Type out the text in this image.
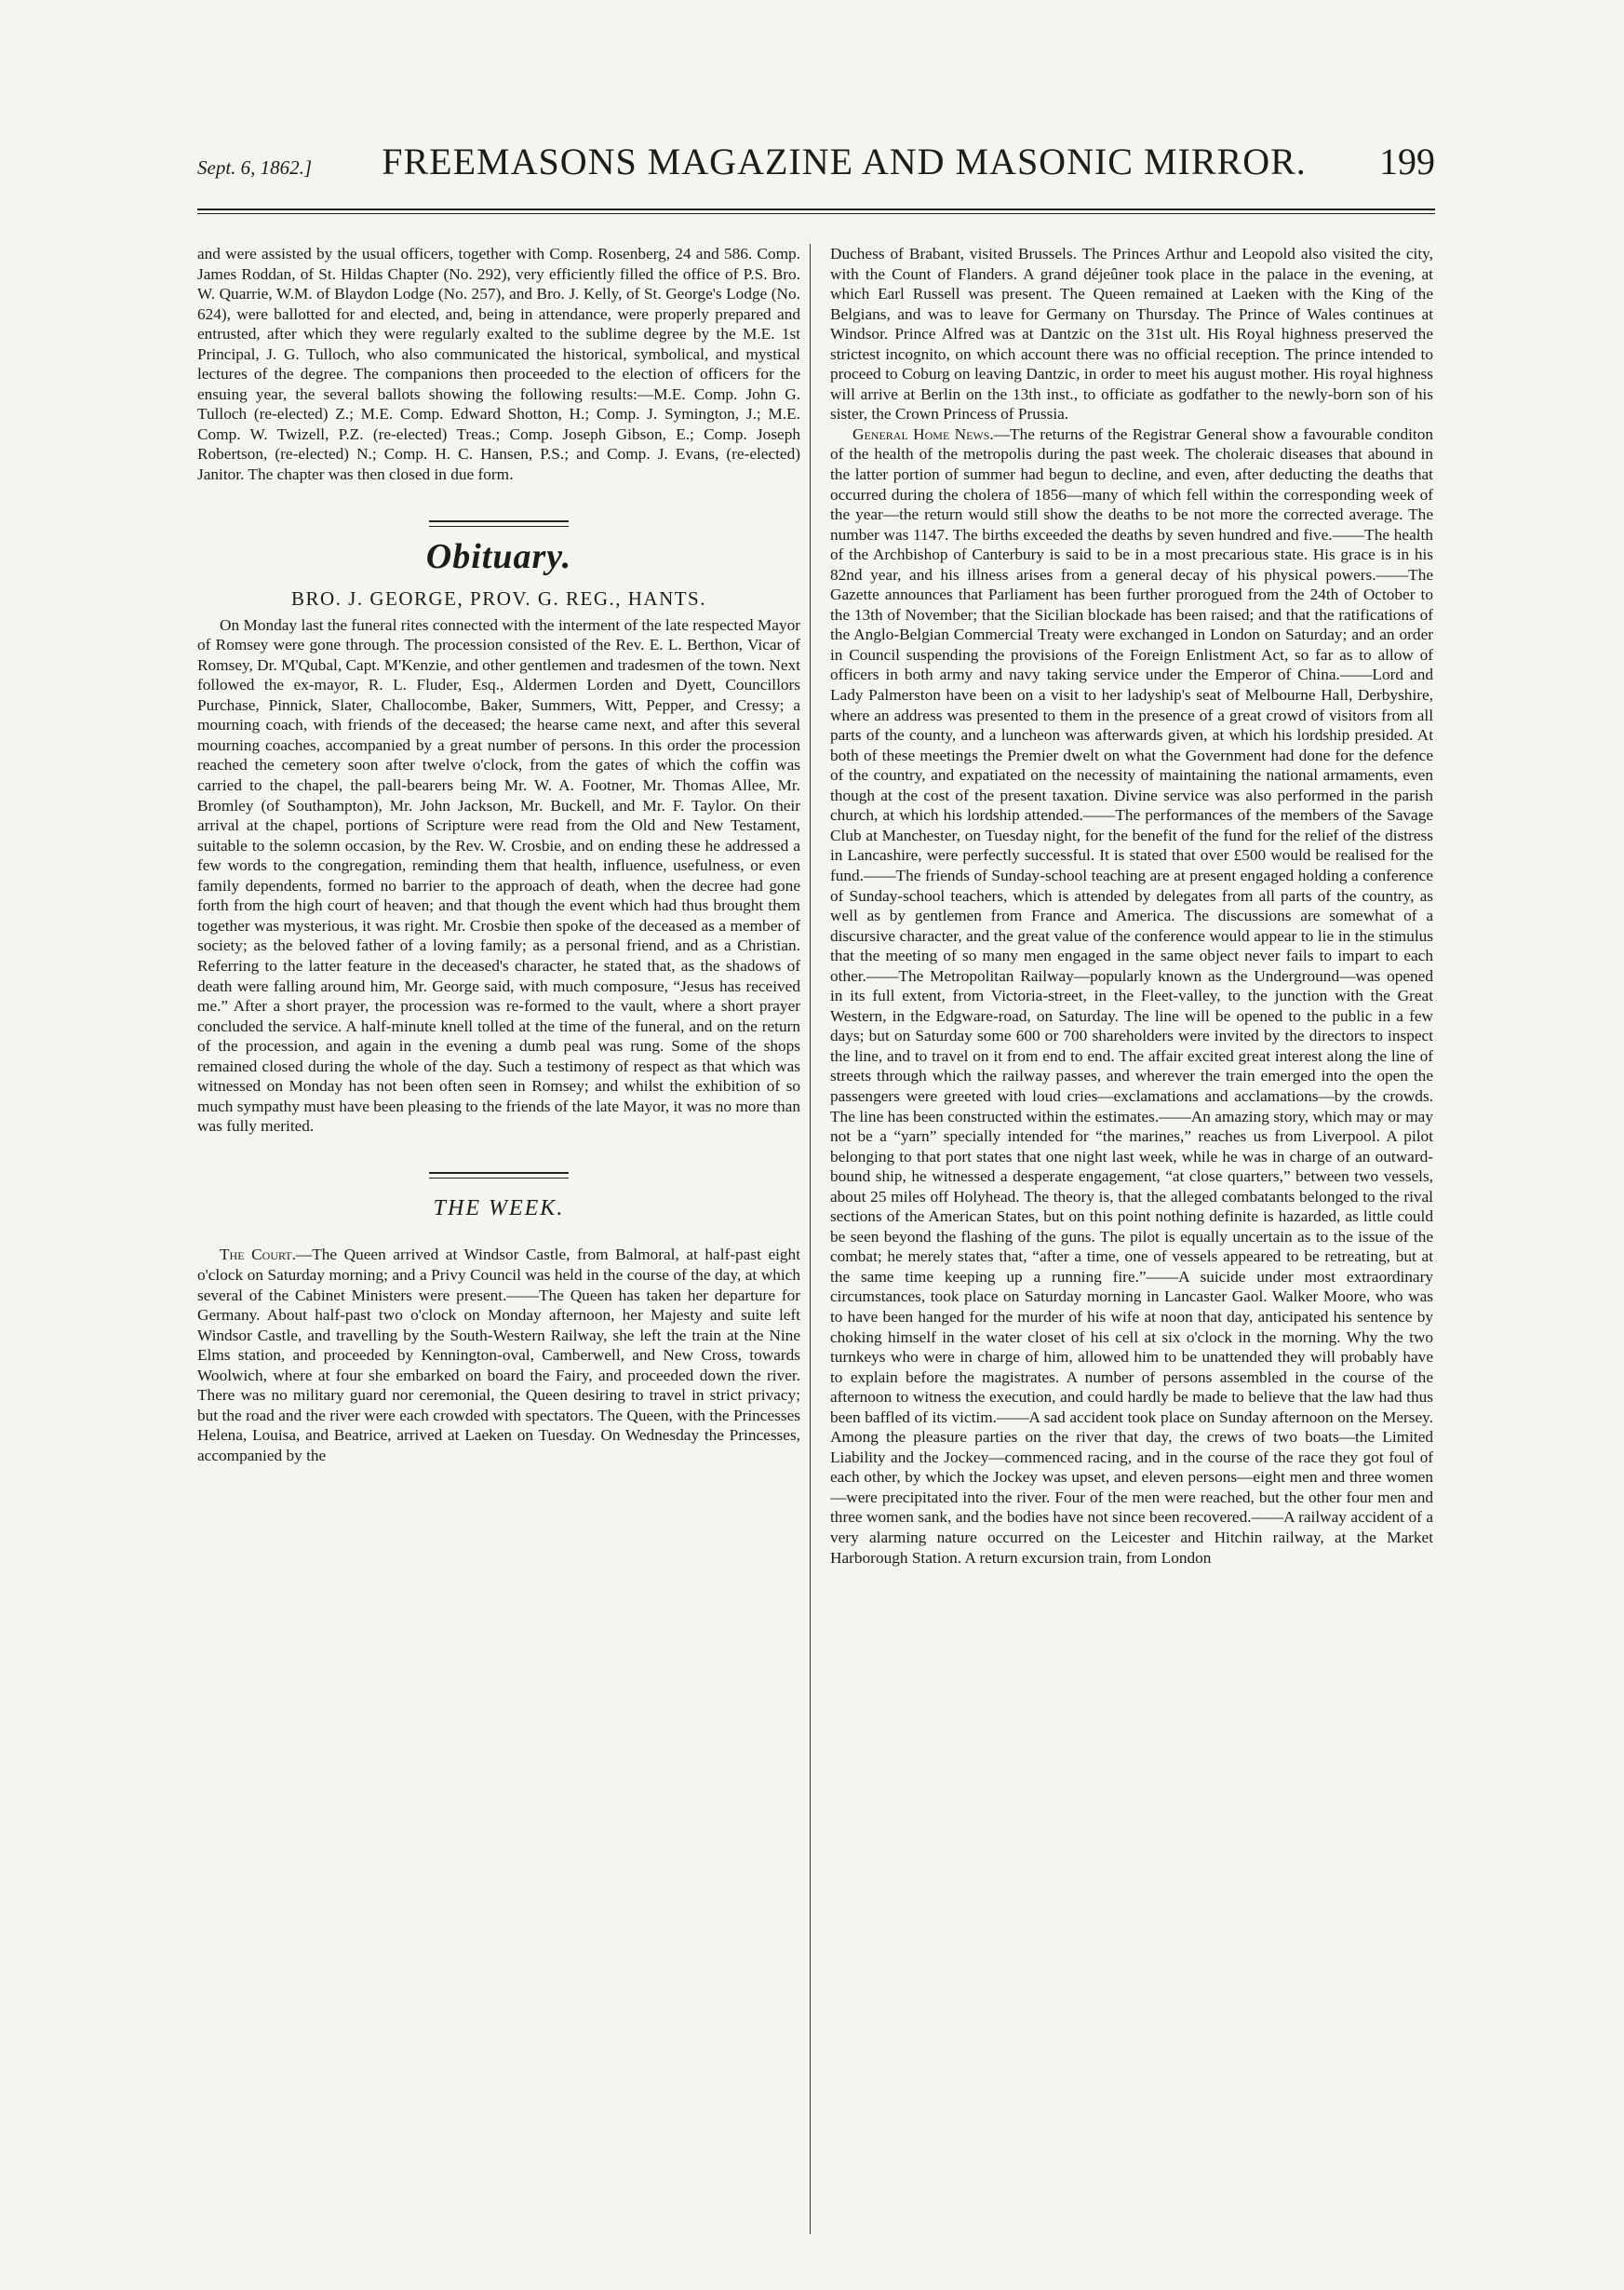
Sept. 6, 1862.]	FREEMASONS MAGAZINE AND MASONIC MIRROR.	199

and were assisted by the usual officers, together with Comp. Rosenberg, 24 and 586. Comp. James Roddan, of St. Hildas Chapter (No. 292), very efficiently filled the office of P.S. Bro. W. Quarrie, W.M. of Blaydon Lodge (No. 257), and Bro. J. Kelly, of St. George's Lodge (No. 624), were ballotted for and elected, and, being in attendance, were properly prepared and entrusted, after which they were regularly exalted to the sublime degree by the M.E. 1st Principal, J. G. Tulloch, who also communicated the historical, symbolical, and mystical lectures of the degree. The companions then proceeded to the election of officers for the ensuing year, the several ballots showing the following results:—M.E. Comp. John G. Tulloch (re-elected) Z.; M.E. Comp. Edward Shotton, H.; Comp. J. Symington, J.; M.E. Comp. W. Twizell, P.Z. (re-elected) Treas.; Comp. Joseph Gibson, E.; Comp. Joseph Robertson, (re-elected) N.; Comp. H. C. Hansen, P.S.; and Comp. J. Evans, (re-elected) Janitor. The chapter was then closed in due form.

Obituary.
BRO. J. GEORGE, PROV. G. REG., HANTS.

On Monday last the funeral rites connected with the interment of the late respected Mayor of Romsey were gone through. The procession consisted of the Rev. E. L. Berthon, Vicar of Romsey, Dr. M'Qubal, Capt. M'Kenzie, and other gentlemen and tradesmen of the town. Next followed the ex-mayor, R. L. Fluder, Esq., Aldermen Lorden and Dyett, Councillors Purchase, Pinnick, Slater, Challocombe, Baker, Summers, Witt, Pepper, and Cressy; a mourning coach, with friends of the deceased; the hearse came next, and after this several mourning coaches, accompanied by a great number of persons. In this order the procession reached the cemetery soon after twelve o'clock, from the gates of which the coffin was carried to the chapel, the pall-bearers being Mr. W. A. Footner, Mr. Thomas Allee, Mr. Bromley (of Southampton), Mr. John Jackson, Mr. Buckell, and Mr. F. Taylor. On their arrival at the chapel, portions of Scripture were read from the Old and New Testament, suitable to the solemn occasion, by the Rev. W. Crosbie, and on ending these he addressed a few words to the congregation, reminding them that health, influence, usefulness, or even family dependents, formed no barrier to the approach of death, when the decree had gone forth from the high court of heaven; and that though the event which had thus brought them together was mysterious, it was right. Mr. Crosbie then spoke of the deceased as a member of society; as the beloved father of a loving family; as a personal friend, and as a Christian. Referring to the latter feature in the deceased's character, he stated that, as the shadows of death were falling around him, Mr. George said, with much composure, “Jesus has received me.” After a short prayer, the procession was re-formed to the vault, where a short prayer concluded the service. A half-minute knell tolled at the time of the funeral, and on the return of the procession, and again in the evening a dumb peal was rung. Some of the shops remained closed during the whole of the day. Such a testimony of respect as that which was witnessed on Monday has not been often seen in Romsey; and whilst the exhibition of so much sympathy must have been pleasing to the friends of the late Mayor, it was no more than was fully merited.

THE WEEK.

The Court.—The Queen arrived at Windsor Castle, from Balmoral, at half-past eight o'clock on Saturday morning; and a Privy Council was held in the course of the day, at which several of the Cabinet Ministers were present.——The Queen has taken her departure for Germany. About half-past two o'clock on Monday afternoon, her Majesty and suite left Windsor Castle, and travelling by the South-Western Railway, she left the train at the Nine Elms station, and proceeded by Kennington-oval, Camberwell, and New Cross, towards Woolwich, where at four she embarked on board the Fairy, and proceeded down the river. There was no military guard nor ceremonial, the Queen desiring to travel in strict privacy; but the road and the river were each crowded with spectators. The Queen, with the Princesses Helena, Louisa, and Beatrice, arrived at Laeken on Tuesday. On Wednesday the Princesses, accompanied by the

Duchess of Brabant, visited Brussels. The Princes Arthur and Leopold also visited the city, with the Count of Flanders. A grand déjeûner took place in the palace in the evening, at which Earl Russell was present. The Queen remained at Laeken with the King of the Belgians, and was to leave for Germany on Thursday. The Prince of Wales continues at Windsor. Prince Alfred was at Dantzic on the 31st ult. His Royal highness preserved the strictest incognito, on which account there was no official reception. The prince intended to proceed to Coburg on leaving Dantzic, in order to meet his august mother. His royal highness will arrive at Berlin on the 13th inst., to officiate as godfather to the newly-born son of his sister, the Crown Princess of Prussia.

General Home News.—The returns of the Registrar General show a favourable conditon of the health of the metropolis during the past week. The choleraic diseases that abound in the latter portion of summer had begun to decline, and even, after deducting the deaths that occurred during the cholera of 1856—many of which fell within the corresponding week of the year—the return would still show the deaths to be not more the corrected average. The number was 1147. The births exceeded the deaths by seven hundred and five.——The health of the Archbishop of Canterbury is said to be in a most precarious state. His grace is in his 82nd year, and his illness arises from a general decay of his physical powers.——The Gazette announces that Parliament has been further prorogued from the 24th of October to the 13th of November; that the Sicilian blockade has been raised; and that the ratifications of the Anglo-Belgian Commercial Treaty were exchanged in London on Saturday; and an order in Council suspending the provisions of the Foreign Enlistment Act, so far as to allow of officers in both army and navy taking service under the Emperor of China.——Lord and Lady Palmerston have been on a visit to her ladyship's seat of Melbourne Hall, Derbyshire, where an address was presented to them in the presence of a great crowd of visitors from all parts of the county, and a luncheon was afterwards given, at which his lordship presided. At both of these meetings the Premier dwelt on what the Government had done for the defence of the country, and expatiated on the necessity of maintaining the national armaments, even though at the cost of the present taxation. Divine service was also performed in the parish church, at which his lordship attended.——The performances of the members of the Savage Club at Manchester, on Tuesday night, for the benefit of the fund for the relief of the distress in Lancashire, were perfectly successful. It is stated that over £500 would be realised for the fund.——The friends of Sunday-school teaching are at present engaged holding a conference of Sunday-school teachers, which is attended by delegates from all parts of the country, as well as by gentlemen from France and America. The discussions are somewhat of a discursive character, and the great value of the conference would appear to lie in the stimulus that the meeting of so many men engaged in the same object never fails to impart to each other.——The Metropolitan Railway—popularly known as the Underground—was opened in its full extent, from Victoria-street, in the Fleet-valley, to the junction with the Great Western, in the Edgware-road, on Saturday. The line will be opened to the public in a few days; but on Saturday some 600 or 700 shareholders were invited by the directors to inspect the line, and to travel on it from end to end. The affair excited great interest along the line of streets through which the railway passes, and wherever the train emerged into the open the passengers were greeted with loud cries—exclamations and acclamations—by the crowds. The line has been constructed within the estimates.——An amazing story, which may or may not be a “yarn” specially intended for “the marines,” reaches us from Liverpool. A pilot belonging to that port states that one night last week, while he was in charge of an outward-bound ship, he witnessed a desperate engagement, “at close quarters,” between two vessels, about 25 miles off Holyhead. The theory is, that the alleged combatants belonged to the rival sections of the American States, but on this point nothing definite is hazarded, as little could be seen beyond the flashing of the guns. The pilot is equally uncertain as to the issue of the combat; he merely states that, “after a time, one of vessels appeared to be retreating, but at the same time keeping up a running fire.”——A suicide under most extraordinary circumstances, took place on Saturday morning in Lancaster Gaol. Walker Moore, who was to have been hanged for the murder of his wife at noon that day, anticipated his sentence by choking himself in the water closet of his cell at six o'clock in the morning. Why the two turnkeys who were in charge of him, allowed him to be unattended they will probably have to explain before the magistrates. A number of persons assembled in the course of the afternoon to witness the execution, and could hardly be made to believe that the law had thus been baffled of its victim.——A sad accident took place on Sunday afternoon on the Mersey. Among the pleasure parties on the river that day, the crews of two boats—the Limited Liability and the Jockey—commenced racing, and in the course of the race they got foul of each other, by which the Jockey was upset, and eleven persons—eight men and three women—were precipitated into the river. Four of the men were reached, but the other four men and three women sank, and the bodies have not since been recovered.——A railway accident of a very alarming nature occurred on the Leicester and Hitchin railway, at the Market Harborough Station. A return excursion train, from London
